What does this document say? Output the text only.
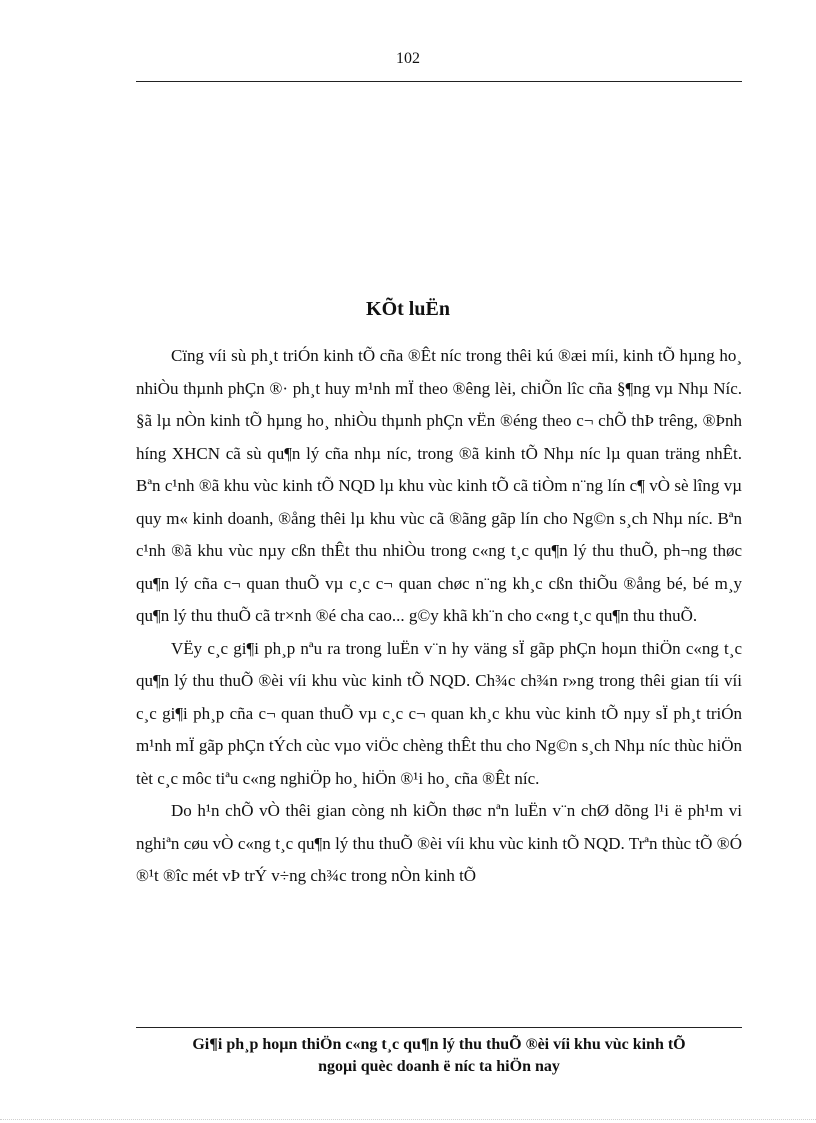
102
KÕt luËn

Cïng víi sù ph¸t triÓn kinh tÕ cña ®Êt níc trong thêi kú ®æi míi, kinh tÕ hµng ho¸ nhiÒu thµnh phÇn ®· ph¸t huy m¹nh mÏ theo ®êng lèi, chiÕn lîc cña §¶ng vµ Nhµ Níc. §ã lµ nÒn kinh tÕ hµng ho¸ nhiÒu thµnh phÇn vËn ®éng theo c¬ chÕ thÞ trêng, ®Þnh híng XHCN cã sù qu¶n lý cña nhµ níc, trong ®ã kinh tÕ Nhµ níc lµ quan träng nhÊt. Bªn c¹nh ®ã khu vùc kinh tÕ NQD lµ khu vùc kinh tÕ cã tiÒm n¨ng lín c¶ vÒ sè lîng vµ quy m« kinh doanh, ®ång thêi lµ khu vùc cã ®ãng gãp lín cho Ng©n s¸ch Nhµ níc. Bªn c¹nh ®ã khu vùc nµy cßn thÊt thu nhiÒu trong c«ng t¸c qu¶n lý thu thuÕ, ph¬ng thøc qu¶n lý cña c¬ quan thuÕ vµ c¸c c¬ quan chøc n¨ng kh¸c cßn thiÕu ®ång bé, bé m¸y qu¶n lý thu thuÕ cã tr×nh ®é cha cao... g©y khã kh¨n cho c«ng t¸c qu¶n thu thuÕ.

VËy c¸c gi¶i ph¸p nªu ra trong luËn v¨n hy väng sÏ gãp phÇn hoµn thiÖn c«ng t¸c qu¶n lý thu thuÕ ®èi víi khu vùc kinh tÕ NQD. Ch¾c ch¾n r»ng trong thêi gian tíi víi c¸c gi¶i ph¸p cña c¬ quan thuÕ vµ c¸c c¬ quan kh¸c khu vùc kinh tÕ nµy sÏ ph¸t triÓn m¹nh mÏ gãp phÇn tÝch cùc vµo viÖc chèng thÊt thu cho Ng©n s¸ch Nhµ níc thùc hiÖn tèt c¸c môc tiªu c«ng nghiÖp ho¸ hiÖn ®¹i ho¸ cña ®Êt níc.

Do h¹n chÕ vÒ thêi gian còng nh kiÕn thøc nªn luËn v¨n chØ dõng l¹i ë ph¹m vi nghiªn cøu vÒ c«ng t¸c qu¶n lý thu thuÕ ®èi víi khu vùc kinh tÕ NQD. Trªn thùc tÕ ®Ó ®¹t ®îc mét vÞ trÝ v÷ng ch¾c trong nÒn kinh tÕ

Gi¶i ph¸p hoµn thiÖn c«ng t¸c qu¶n lý thu thuÕ ®èi víi khu vùc kinh tÕ
ngoµi quèc doanh ë níc ta hiÖn nay
